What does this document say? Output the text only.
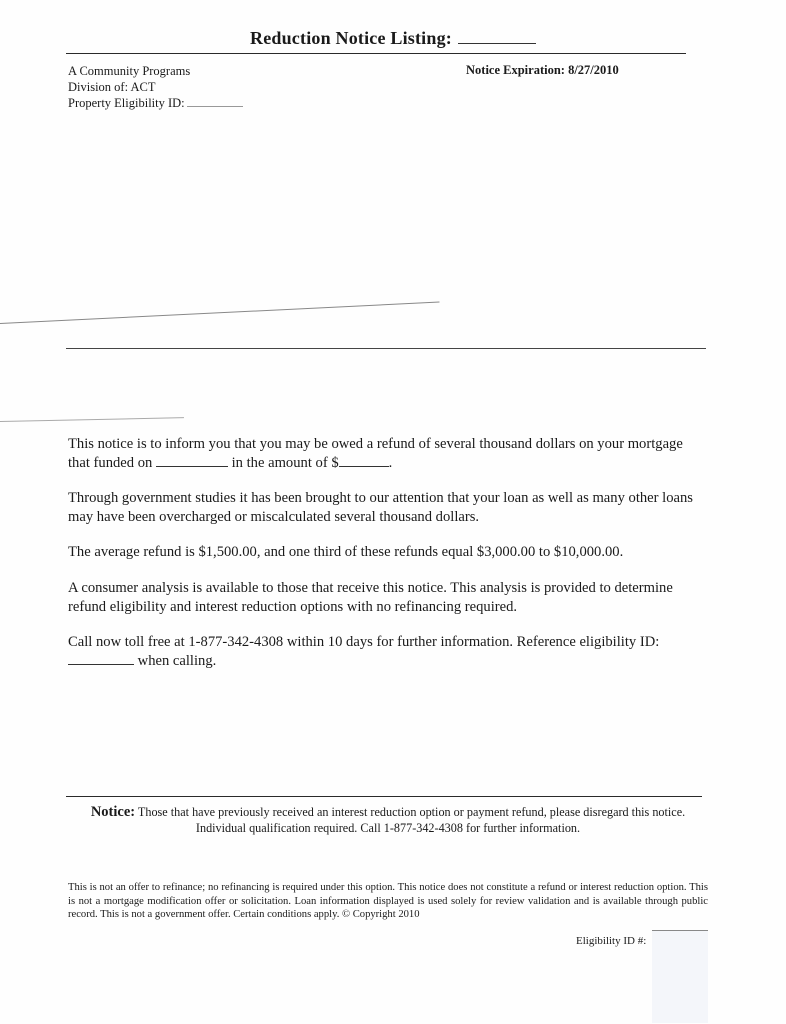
Reduction Notice Listing:
A Community Programs
Division of: ACT
Property Eligibility ID:
Notice Expiration: 8/27/2010

This notice is to inform you that you may be owed a refund of several thousand dollars on your mortgage that funded on	in the amount of $	.

Through government studies it has been brought to our attention that your loan as well as many other loans may have been overcharged or miscalculated several thousand dollars.

The average refund is $1,500.00, and one third of these refunds equal $3,000.00 to $10,000.00.

A consumer analysis is available to those that receive this notice. This analysis is provided to determine refund eligibility and interest reduction options with no refinancing required.

Call now toll free at 1-877-342-4308 within 10 days for further information. Reference eligibility ID: when calling.

Notice: Those that have previously received an interest reduction option or payment refund, please disregard this notice. Individual qualification required. Call 1-877-342-4308 for further information.
This is not an offer to refinance; no refinancing is required under this option. This notice does not constitute a refund or interest reduction option. This is not a mortgage modification offer or solicitation. Loan information displayed is used solely for review validation and is available through public record. This is not a government offer. Certain conditions apply. © Copyright 2010
Eligibility ID #:
